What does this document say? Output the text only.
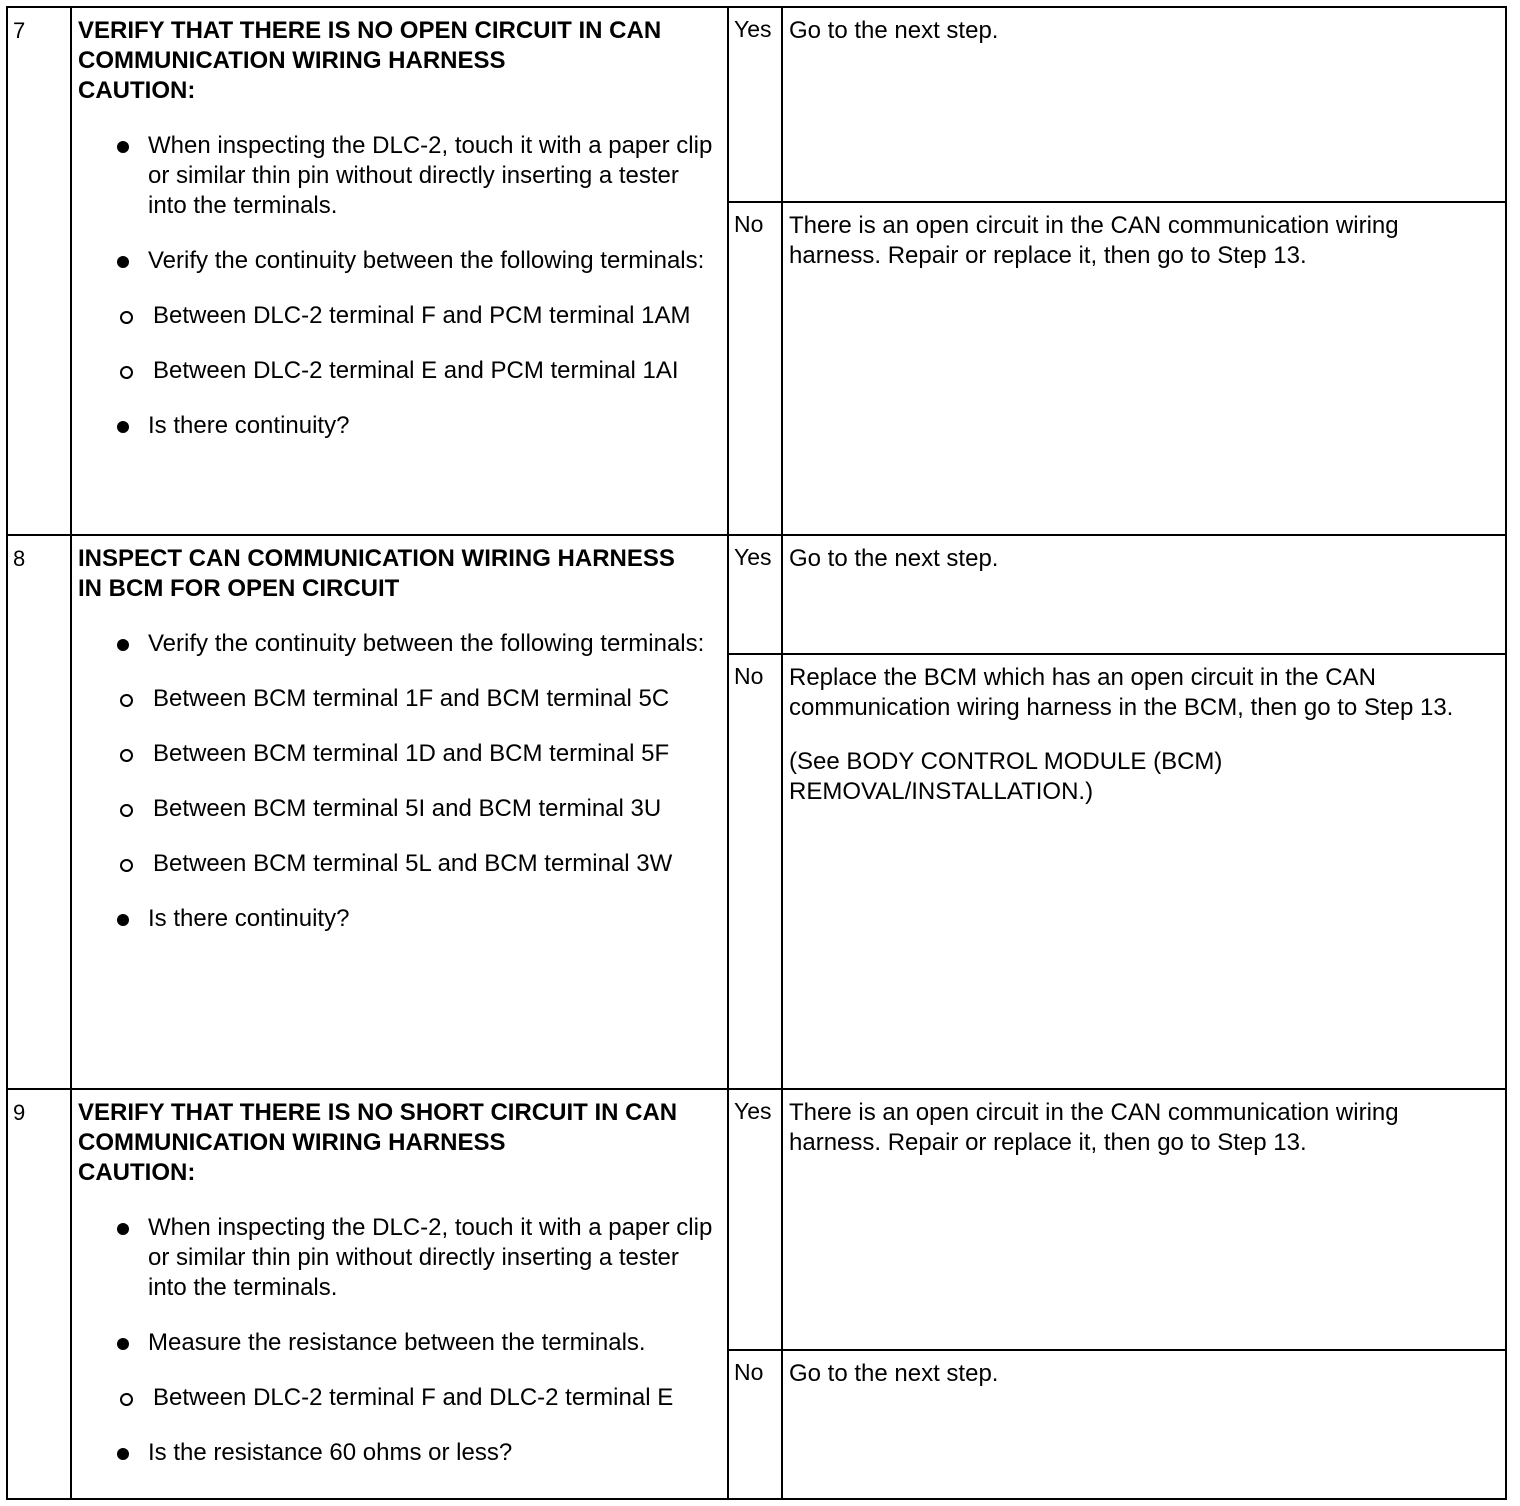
7	VERIFY THAT THERE IS NO OPEN CIRCUIT IN CAN
COMMUNICATION WIRING HARNESS
CAUTION:
When inspecting the DLC-2, touch it with a paper clip or similar thin pin without directly inserting a tester into the terminals.
Verify the continuity between the following terminals:
Between DLC-2 terminal F and PCM terminal 1AM
Between DLC-2 terminal E and PCM terminal 1AI
Is there continuity?
Yes Go to the next step.

No	There is an open circuit in the CAN communication wiring harness. Repair or replace it, then go to Step 13.

8	INSPECT CAN COMMUNICATION WIRING HARNESS
IN BCM FOR OPEN CIRCUIT
Verify the continuity between the following terminals:
Between BCM terminal 1F and BCM terminal 5C
Between BCM terminal 1D and BCM terminal 5F
Between BCM terminal 5I and BCM terminal 3U
Between BCM terminal 5L and BCM terminal 3W
Is there continuity?
Yes Go to the next step.

No	Replace the BCM which has an open circuit in the CAN communication wiring harness in the BCM, then go to Step 13.

(See BODY CONTROL MODULE (BCM) REMOVAL/INSTALLATION.)

9	VERIFY THAT THERE IS NO SHORT CIRCUIT IN CAN
COMMUNICATION WIRING HARNESS
CAUTION:
When inspecting the DLC-2, touch it with a paper clip or similar thin pin without directly inserting a tester into the terminals.
Measure the resistance between the terminals.
Between DLC-2 terminal F and DLC-2 terminal E
Is the resistance 60 ohms or less?
Yes There is an open circuit in the CAN communication wiring harness. Repair or replace it, then go to Step 13.

No	Go to the next step.
